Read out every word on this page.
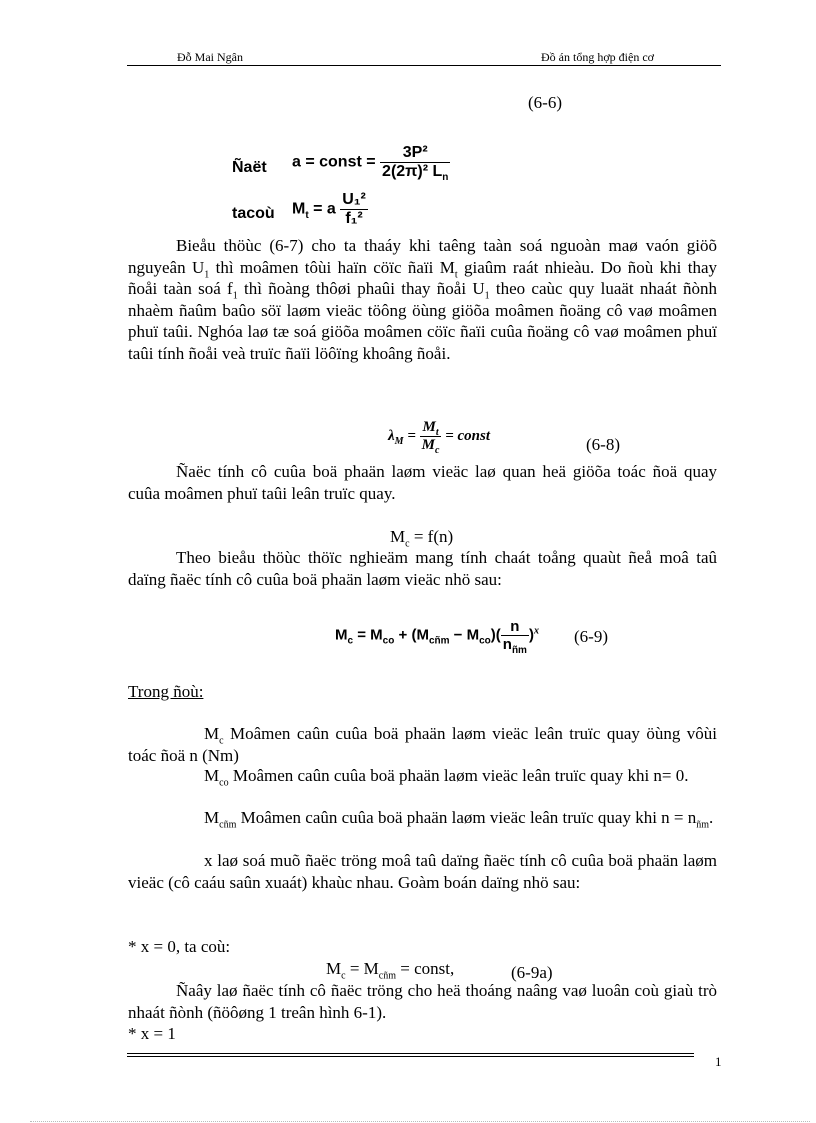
Đỗ Mai Ngân	Đồ án tổng hợp điện cơ
(6-6)
Ñaët a = const = $\frac{\text{3P²}}{2(2\pi)^2 L_n}$
tacoù $M_t = a \frac{\text{U₁²}}{\text{f₁²}}$
Bieåu thöùc (6-7) cho ta thaáy khi taêng taàn soá nguoàn maø vaón giöõ nguyeân $U_1$ thì moâmen tôùi haïn cöïc ñaïi $M_t$ giaûm raát nhieàu. Do ñoù khi thay ñoåi taàn soá $f_1$ thì ñoàng thôøi phaûi thay ñoåi $U_1$ theo caùc quy luaät nhaát ñònh nhaèm ñaûm baûo söï laøm vieäc töông öùng giöõa moâmen ñoäng cô vaø moâmen phuï taûi. Nghóa laø tæ soá giöõa moâmen cöïc ñaïi cuûa ñoäng cô vaø moâmen phuï taûi tính ñoåi veà truïc ñaïi löôïng khoâng ñoåi.
$\lambda_M = \frac{M_t}{M_c}$ = const	(6-8)
Ñaëc tính cô cuûa boä phaän laøm vieäc laø quan heä giöõa toác ñoä quay cuûa moâmen phuï taûi leân truïc quay.
$M_c = f(n)$
Theo bieåu thöùc thöïc nghieäm mang tính chaát toång quaùt ñeå moâ taû daïng ñaëc tính cô cuûa boä phaän laøm vieäc nhö sau:
$M_c = M_{co} + (M_{cñm} - M_{co})( \frac{n}{n_{ñm}} )^x$ (6-9)
Trong ñoù:
$M_c$ Moâmen caûn cuûa boä phaän laøm vieäc leân truïc quay öùng vôùi toác ñoä n (Nm)
$M_{co}$ Moâmen caûn cuûa boä phaän laøm vieäc leân truïc quay khi n= 0.
$M_{cñm}$ Moâmen caûn cuûa boä phaän laøm vieäc leân truïc quay khi $n = n_{ñm}$.
x laø soá muõ ñaëc tröng moâ taû daïng ñaëc tính cô cuûa boä phaän laøm vieäc (cô caáu saûn xuaát) khaùc nhau. Goàm boán daïng nhö sau:
* x = 0, ta coù:
$M_c = M_{cñm}$ = const,	(6-9a)
Ñaây laø ñaëc tính cô ñaëc tröng cho heä thoáng naâng vaø luoân coù giaù trò nhaát ñònh (ñöôøng 1 treân hình 6-1).
* x = 1
1
